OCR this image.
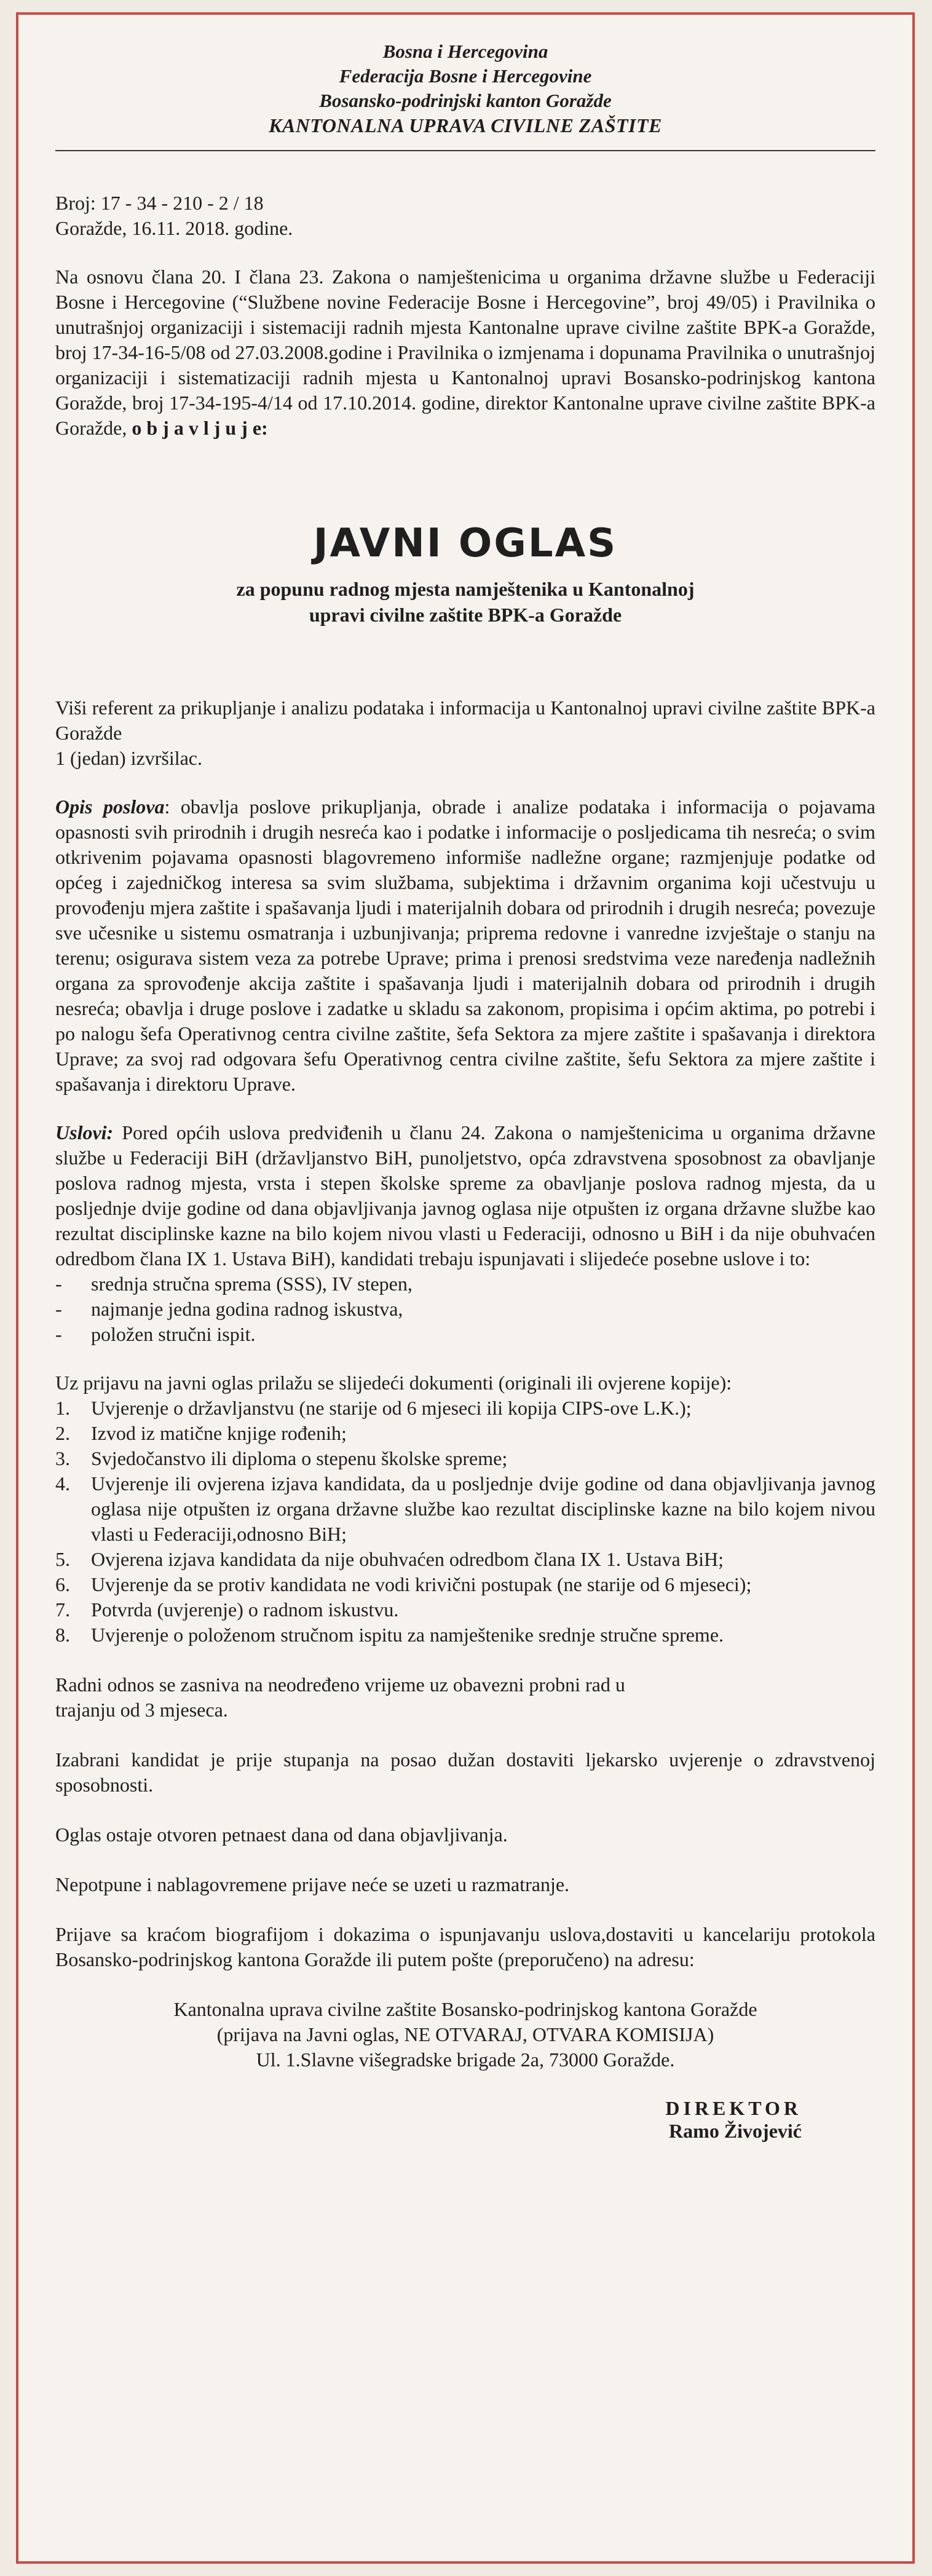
Bosna i Hercegovina
Federacija Bosne i Hercegovine
Bosansko-podrinjski kanton Goražde
KANTONALNA UPRAVA CIVILNE ZAŠTITE

Broj: 17 - 34 - 210 - 2 / 18

Goražde, 16.11. 2018. godine.

Na osnovu člana 20. I člana 23. Zakona o namještenicima u organima državne službe u Federaciji Bosne i Hercegovine (“Službene novine Federacije Bosne i Hercegovine”, broj 49/05) i Pravilnika o unutrašnjoj organizaciji i sistemaciji radnih mjesta Kantonalne uprave civilne zaštite BPK-a Goražde, broj 17-34-16-5/08 od 27.03.2008.godine i Pravilnika o izmjenama i dopunama Pravilnika o unutrašnjoj organizaciji i sistematizaciji radnih mjesta u Kantonalnoj upravi Bosansko-podrinjskog kantona Goražde, broj 17-34-195-4/14 od 17.10.2014. godine, direktor Kantonalne uprave civilne zaštite BPK-a Goražde, o b j a v l j u j e:

JAVNI OGLAS
za popunu radnog mjesta namještenika u Kantonalnoj
upravi civilne zaštite BPK-a Goražde

Viši referent za prikupljanje i analizu podataka i informacija u Kantonalnoj upravi civilne zaštite BPK-a Goražde

1 (jedan) izvršilac.

Opis poslova: obavlja poslove prikupljanja, obrade i analize podataka i informacija o pojavama opasnosti svih prirodnih i drugih nesreća kao i podatke i informacije o posljedicama tih nesreća; o svim otkrivenim pojavama opasnosti blagovremeno informiše nadležne organe; razmjenjuje podatke od općeg i zajedničkog interesa sa svim službama, subjektima i državnim organima koji učestvuju u provođenju mjera zaštite i spašavanja ljudi i materijalnih dobara od prirodnih i drugih nesreća; povezuje sve učesnike u sistemu osmatranja i uzbunjivanja; priprema redovne i vanredne izvještaje o stanju na terenu; osigurava sistem veza za potrebe Uprave; prima i prenosi sredstvima veze naređenja nadležnih organa za sprovođenje akcija zaštite i spašavanja ljudi i materijalnih dobara od prirodnih i drugih nesreća; obavlja i druge poslove i zadatke u skladu sa zakonom, propisima i općim aktima, po potrebi i po nalogu šefa Operativnog centra civilne zaštite, šefa Sektora za mjere zaštite i spašavanja i direktora Uprave; za svoj rad odgovara šefu Operativnog centra civilne zaštite, šefu Sektora za mjere zaštite i spašavanja i direktoru Uprave.

Uslovi: Pored općih uslova predviđenih u članu 24. Zakona o namještenicima u organima državne službe u Federaciji BiH (državljanstvo BiH, punoljetstvo, opća zdravstvena sposobnost za obavljanje poslova radnog mjesta, vrsta i stepen školske spreme za obavljanje poslova radnog mjesta, da u posljednje dvije godine od dana objavljivanja javnog oglasa nije otpušten iz organa državne službe kao rezultat disciplinske kazne na bilo kojem nivou vlasti u Federaciji, odnosno u BiH i da nije obuhvaćen odredbom člana IX 1. Ustava BiH), kandidati trebaju ispunjavati i slijedeće posebne uslove i to:

- srednja stručna sprema (SSS), IV stepen,
- najmanje jedna godina radnog iskustva,
- položen stručni ispit.

Uz prijavu na javni oglas prilažu se slijedeći dokumenti (originali ili ovjerene kopije):

1. Uvjerenje o državljanstvu (ne starije od 6 mjeseci ili kopija CIPS-ove L.K.);
2. Izvod iz matične knjige rođenih;
3. Svjedočanstvo ili diploma o stepenu školske spreme;
4. Uvjerenje ili ovjerena izjava kandidata, da u posljednje dvije godine od dana objavljivanja javnog oglasa nije otpušten iz organa državne službe kao rezultat disciplinske kazne na bilo kojem nivou vlasti u Federaciji,odnosno BiH;
5. Ovjerena izjava kandidata da nije obuhvaćen odredbom člana IX 1. Ustava BiH;
6. Uvjerenje da se protiv kandidata ne vodi krivični postupak (ne starije od 6 mjeseci);
7. Potvrda (uvjerenje) o radnom iskustvu.
8. Uvjerenje o položenom stručnom ispitu za namještenike srednje stručne spreme.

Radni odnos se zasniva na neodređeno vrijeme uz obavezni probni rad u trajanju od 3 mjeseca.

Izabrani kandidat je prije stupanja na posao dužan dostaviti ljekarsko uvjerenje o zdravstvenoj sposobnosti.

Oglas ostaje otvoren petnaest dana od dana objavljivanja.

Nepotpune i nablagovremene prijave neće se uzeti u razmatranje.

Prijave sa kraćom biografijom i dokazima o ispunjavanju uslova,dostaviti u kancelariju protokola Bosansko-podrinjskog kantona Goražde ili putem pošte (preporučeno) na adresu:

Kantonalna uprava civilne zaštite Bosansko-podrinjskog kantona Goražde

(prijava na Javni oglas, NE OTVARAJ, OTVARA KOMISIJA)

Ul. 1.Slavne višegradske brigade 2a, 73000 Goražde.

DIREKTOR
Ramo Živojević
